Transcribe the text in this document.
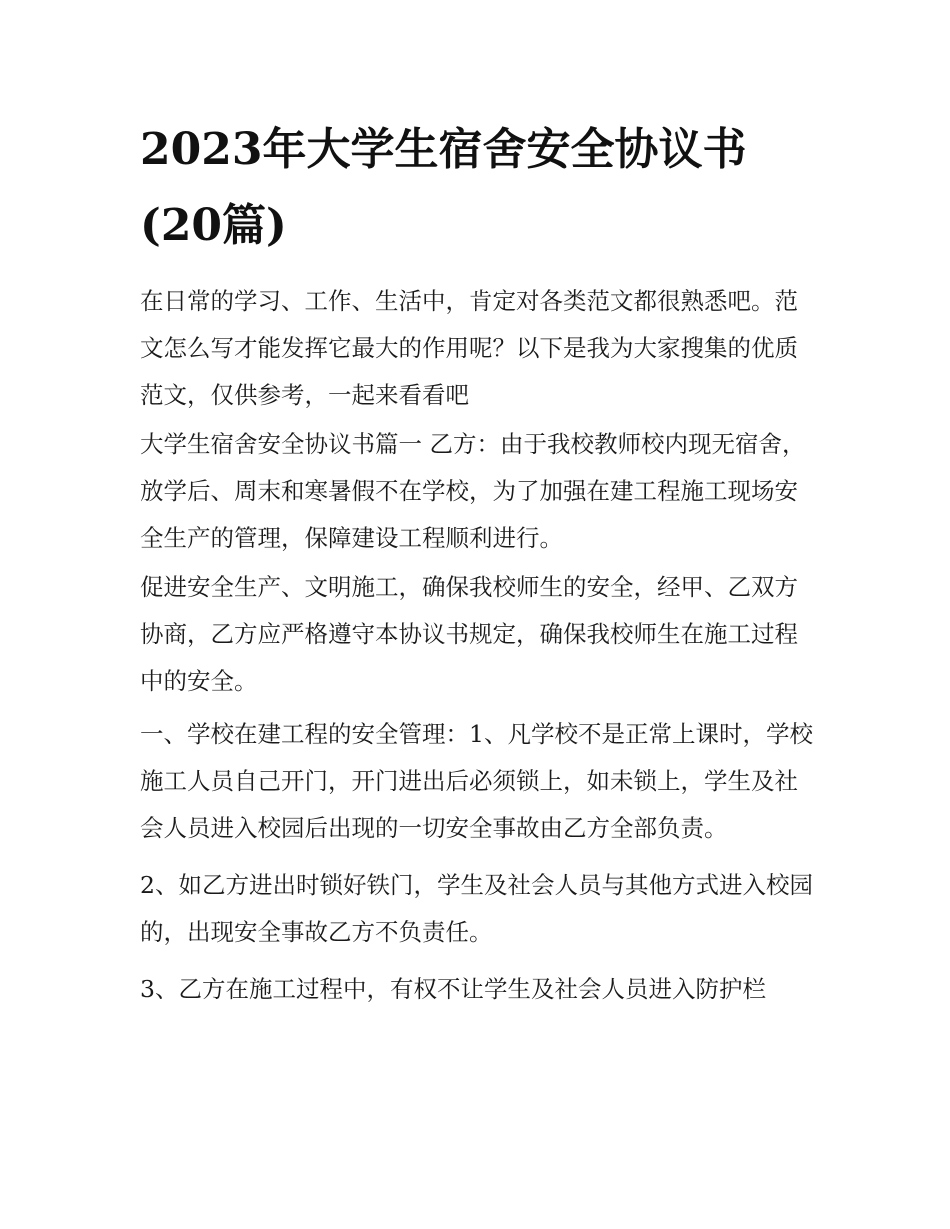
2023年大学生宿舍安全协议书(20篇)

在日常的学习、工作、生活中，肯定对各类范文都很熟悉吧。范文怎么写才能发挥它最大的作用呢？以下是我为大家搜集的优质范文，仅供参考，一起来看看吧

大学生宿舍安全协议书篇一 乙方：由于我校教师校内现无宿舍，放学后、周末和寒暑假不在学校，为了加强在建工程施工现场安全生产的管理，保障建设工程顺利进行。

促进安全生产、文明施工，确保我校师生的安全，经甲、乙双方协商，乙方应严格遵守本协议书规定，确保我校师生在施工过程中的安全。

一、学校在建工程的安全管理：1、凡学校不是正常上课时，学校施工人员自己开门，开门进出后必须锁上，如未锁上，学生及社会人员进入校园后出现的一切安全事故由乙方全部负责。

2、如乙方进出时锁好铁门，学生及社会人员与其他方式进入校园的，出现安全事故乙方不负责任。

3、乙方在施工过程中，有权不让学生及社会人员进入防护栏
